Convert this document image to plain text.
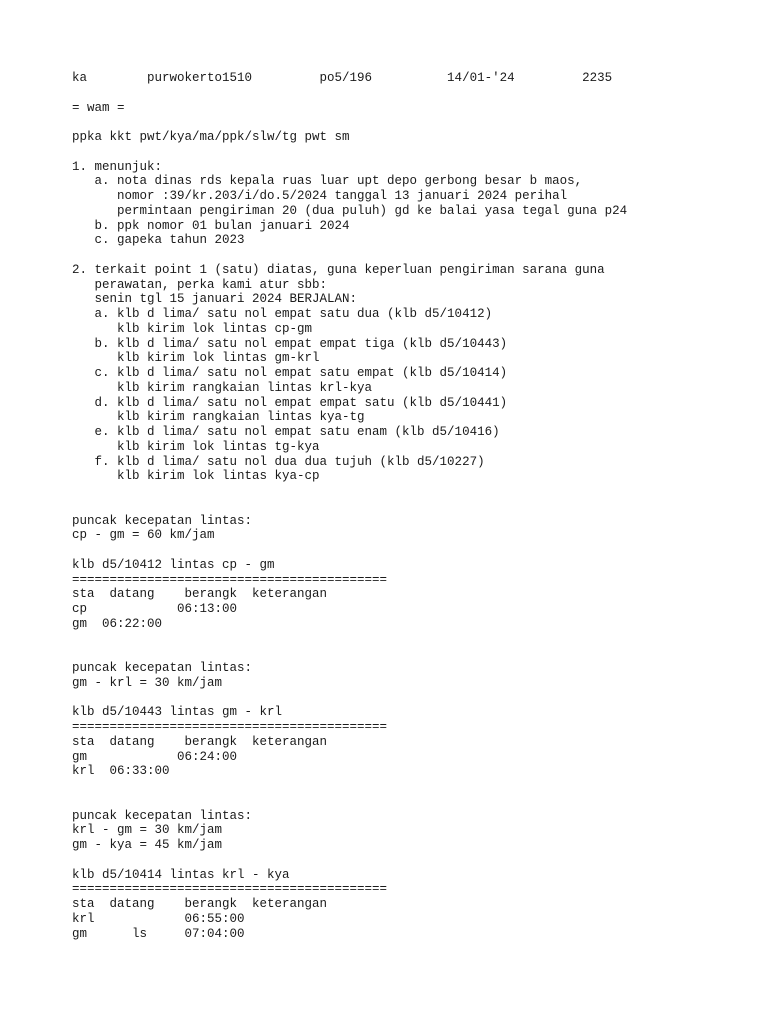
ka        purwokerto1510         po5/196          14/01-'24         2235

= wam =

ppka kkt pwt/kya/ma/ppk/slw/tg pwt sm

1. menunjuk:
a. nota dinas rds kepala ruas luar upt depo gerbong besar b maos,
nomor :39/kr.203/i/do.5/2024 tanggal 13 januari 2024 perihal
permintaan pengiriman 20 (dua puluh) gd ke balai yasa tegal guna p24
b. ppk nomor 01 bulan januari 2024
c. gapeka tahun 2023

2. terkait point 1 (satu) diatas, guna keperluan pengiriman sarana guna
perawatan, perka kami atur sbb:
senin tgl 15 januari 2024 BERJALAN:
a. klb d lima/ satu nol empat satu dua (klb d5/10412)
klb kirim lok lintas cp-gm
b. klb d lima/ satu nol empat empat tiga (klb d5/10443)
klb kirim lok lintas gm-krl
c. klb d lima/ satu nol empat satu empat (klb d5/10414)
klb kirim rangkaian lintas krl-kya
d. klb d lima/ satu nol empat empat satu (klb d5/10441)
klb kirim rangkaian lintas kya-tg
e. klb d lima/ satu nol empat satu enam (klb d5/10416)
klb kirim lok lintas tg-kya
f. klb d lima/ satu nol dua dua tujuh (klb d5/10227)
klb kirim lok lintas kya-cp

puncak kecepatan lintas:
cp - gm = 60 km/jam

klb d5/10412 lintas cp - gm
==========================================
sta  datang    berangk  keterangan
cp            06:13:00
gm  06:22:00

puncak kecepatan lintas:
gm - krl = 30 km/jam

klb d5/10443 lintas gm - krl
==========================================
sta  datang    berangk  keterangan
gm            06:24:00
krl  06:33:00

puncak kecepatan lintas:
krl - gm = 30 km/jam
gm - kya = 45 km/jam

klb d5/10414 lintas krl - kya
==========================================
sta  datang    berangk  keterangan
krl            06:55:00
gm      ls     07:04:00
